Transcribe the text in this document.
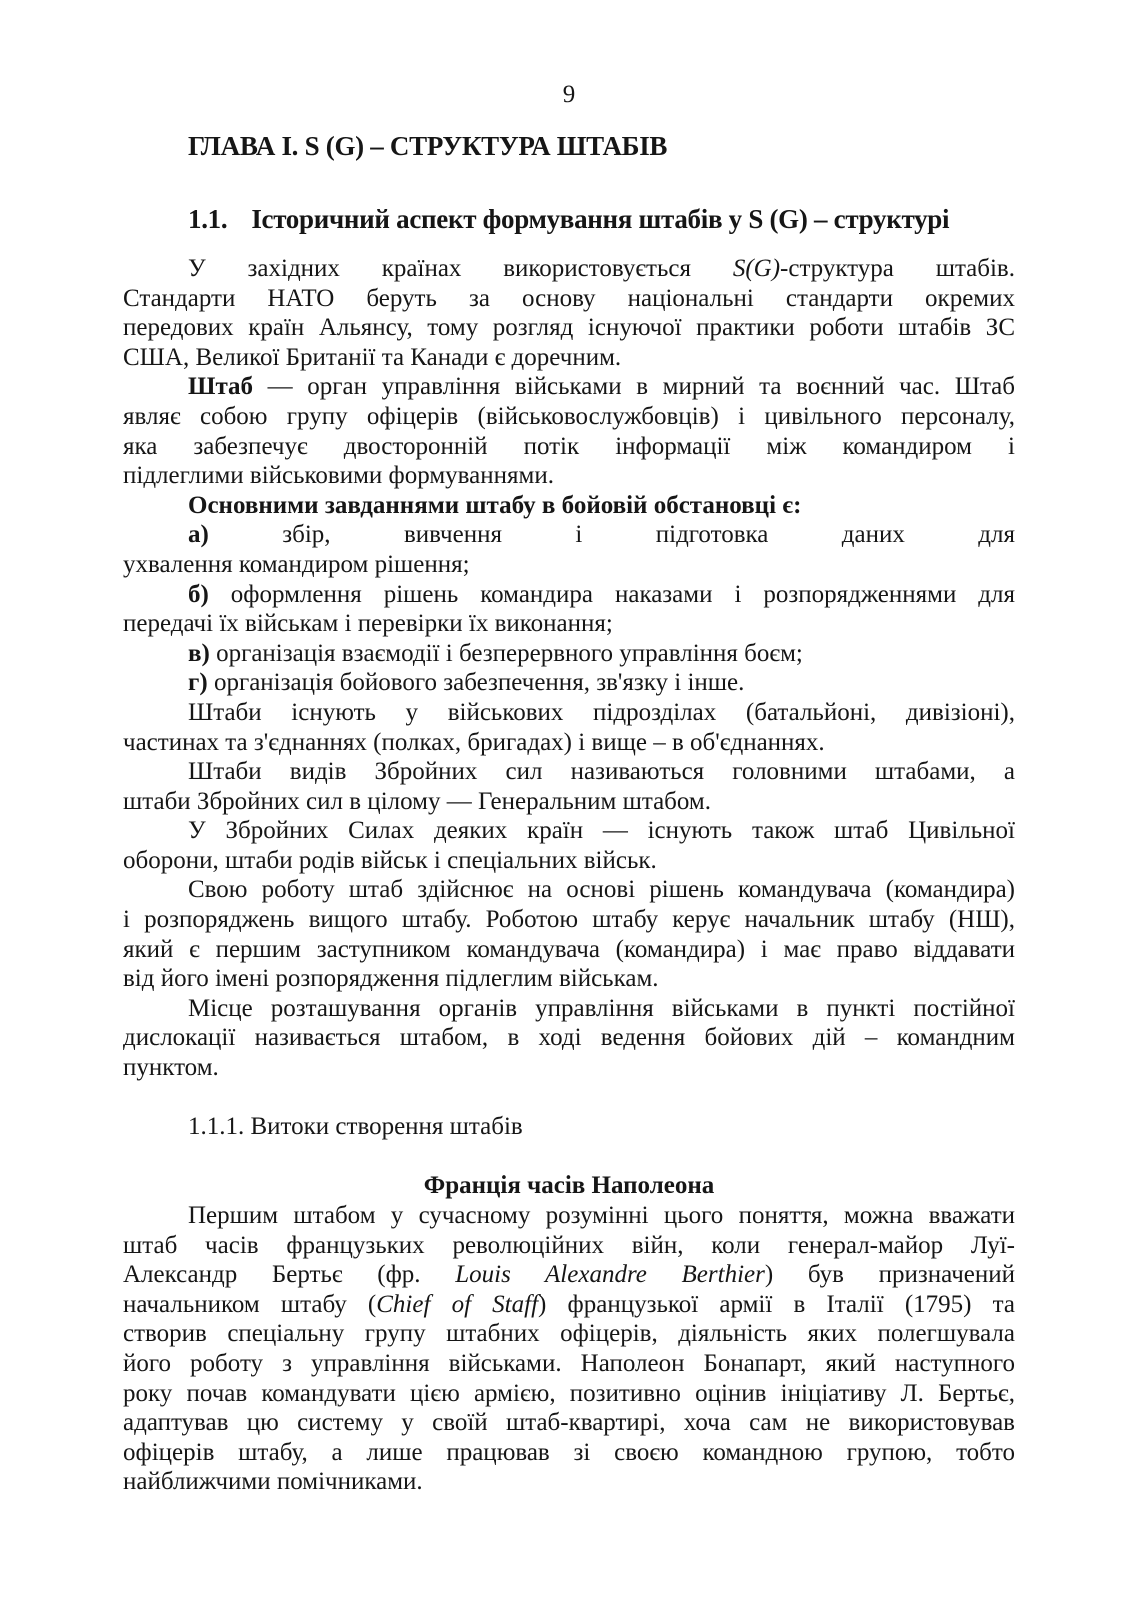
9
ГЛАВА I. S (G) – СТРУКТУРА ШТАБІВ
1.1. Історичний аспект формування штабів у S (G) – структурі
У західних країнах використовується S(G)-структура штабів.
Стандарти НАТО беруть за основу національні стандарти окремих
передових країн Альянсу, тому розгляд існуючої практики роботи штабів ЗС
США, Великої Британії та Канади є доречним.
Штаб — орган управління військами в мирний та воєнний час. Штаб
являє собою групу офіцерів (військовослужбовців) і цивільного персоналу,
яка забезпечує двосторонній потік інформації між командиром і
підлеглими військовими формуваннями.
Основними завданнями штабу в бойовій обстановці є:
а) збір, вивчення і підготовка даних для
ухвалення командиром рішення;
б) оформлення рішень командира наказами і розпорядженнями для
передачі їх військам і перевірки їх виконання;
в) організація взаємодії і безперервного управління боєм;
г) організація бойового забезпечення, зв'язку і інше.
Штаби існують у військових підрозділах (батальйоні, дивізіоні),
частинах та з'єднаннях (полках, бригадах) і вище – в об'єднаннях.
Штаби видів Збройних сил називаються головними штабами, а
штаби Збройних сил в цілому — Генеральним штабом.
У Збройних Силах деяких країн — існують також штаб Цивільної
оборони, штаби родів військ і спеціальних військ.
Свою роботу штаб здійснює на основі рішень командувача (командира)
і розпоряджень вищого штабу. Роботою штабу керує начальник штабу (НШ),
який є першим заступником командувача (командира) і має право віддавати
від його імені розпорядження підлеглим військам.
Місце розташування органів управління військами в пункті постійної
дислокації називається штабом, в ході ведення бойових дій – командним
пунктом.
1.1.1. Витоки створення штабів
Франція часів Наполеона
Першим штабом у сучасному розумінні цього поняття, можна вважати
штаб часів французьких революційних війн, коли генерал-майор Луї-
Александр Бертьє (фр. Louis Alexandre Berthier) був призначений
начальником штабу (Chief of Staff) французької армії в Італії (1795) та
створив спеціальну групу штабних офіцерів, діяльність яких полегшувала
його роботу з управління військами. Наполеон Бонапарт, який наступного
року почав командувати цією армією, позитивно оцінив ініціативу Л. Бертьє,
адаптував цю систему у своїй штаб-квартирі, хоча сам не використовував
офіцерів штабу, а лише працював зі своєю командною групою, тобто
найближчими помічниками.
